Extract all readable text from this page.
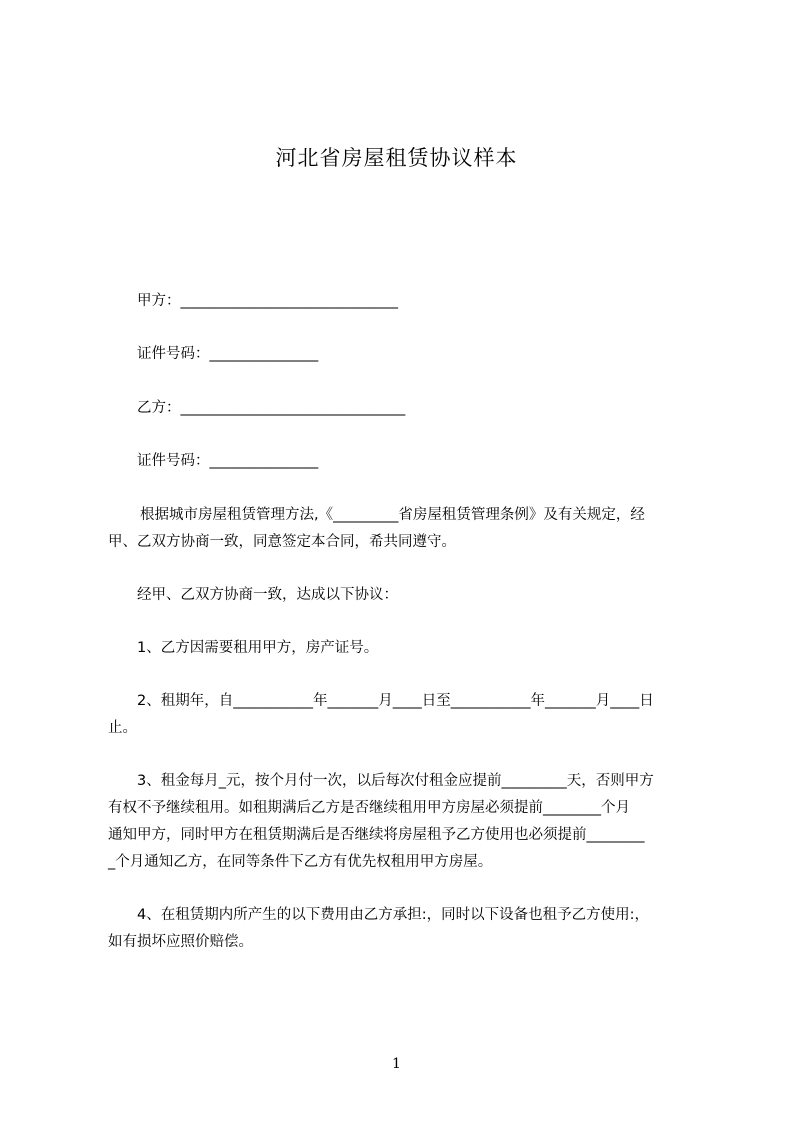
河北省房屋租赁协议样本
甲方：______________________________
证件号码：_______________
乙方：_______________________________
证件号码：_______________
根据城市房屋租赁管理方法,《_________省房屋租赁管理条例》及有关规定，经
甲、乙双方协商一致，同意签定本合同，希共同遵守。
经甲、乙双方协商一致，达成以下协议：
1、乙方因需要租用甲方，房产证号。
2、租期年，自___________年_______月____日至___________年_______月____日
止。
3、租金每月_元，按个月付一次，以后每次付租金应提前_________天，否则甲方
有权不予继续租用。如租期满后乙方是否继续租用甲方房屋必须提前________个月
通知甲方，同时甲方在租赁期满后是否继续将房屋租予乙方使用也必须提前________
_个月通知乙方，在同等条件下乙方有优先权租用甲方房屋。
4、在租赁期内所产生的以下费用由乙方承担:，同时以下设备也租予乙方使用:，
如有损坏应照价赔偿。
1
